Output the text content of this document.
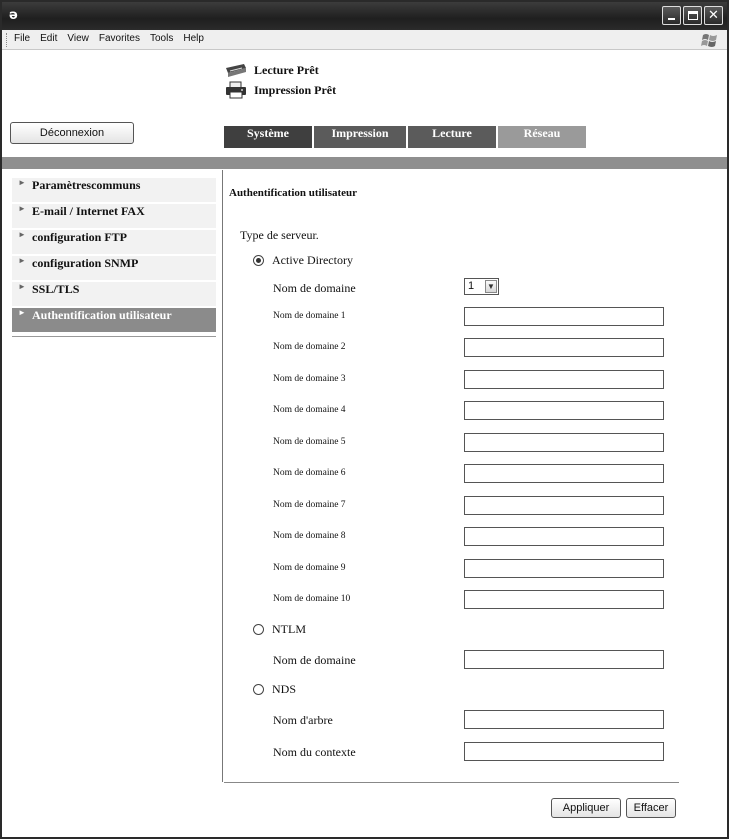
ə	✕
File Edit View Favorites Tools Help
Lecture Prêt
Impression Prêt
Déconnexion	Système	Impression	Lecture	Réseau
► Paramètrescommuns
► E-mail / Internet FAX
► configuration FTP
► configuration SNMP
► SSL/TLS
► Authentification utilisateur
Authentification utilisateur
Type de serveur.
Active Directory
Nom de domaine	1 ▼
Nom de domaine 1
Nom de domaine 2
Nom de domaine 3
Nom de domaine 4
Nom de domaine 5
Nom de domaine 6
Nom de domaine 7
Nom de domaine 8
Nom de domaine 9
Nom de domaine 10
NTLM
Nom de domaine
NDS
Nom d'arbre
Nom du contexte
Appliquer	Effacer
